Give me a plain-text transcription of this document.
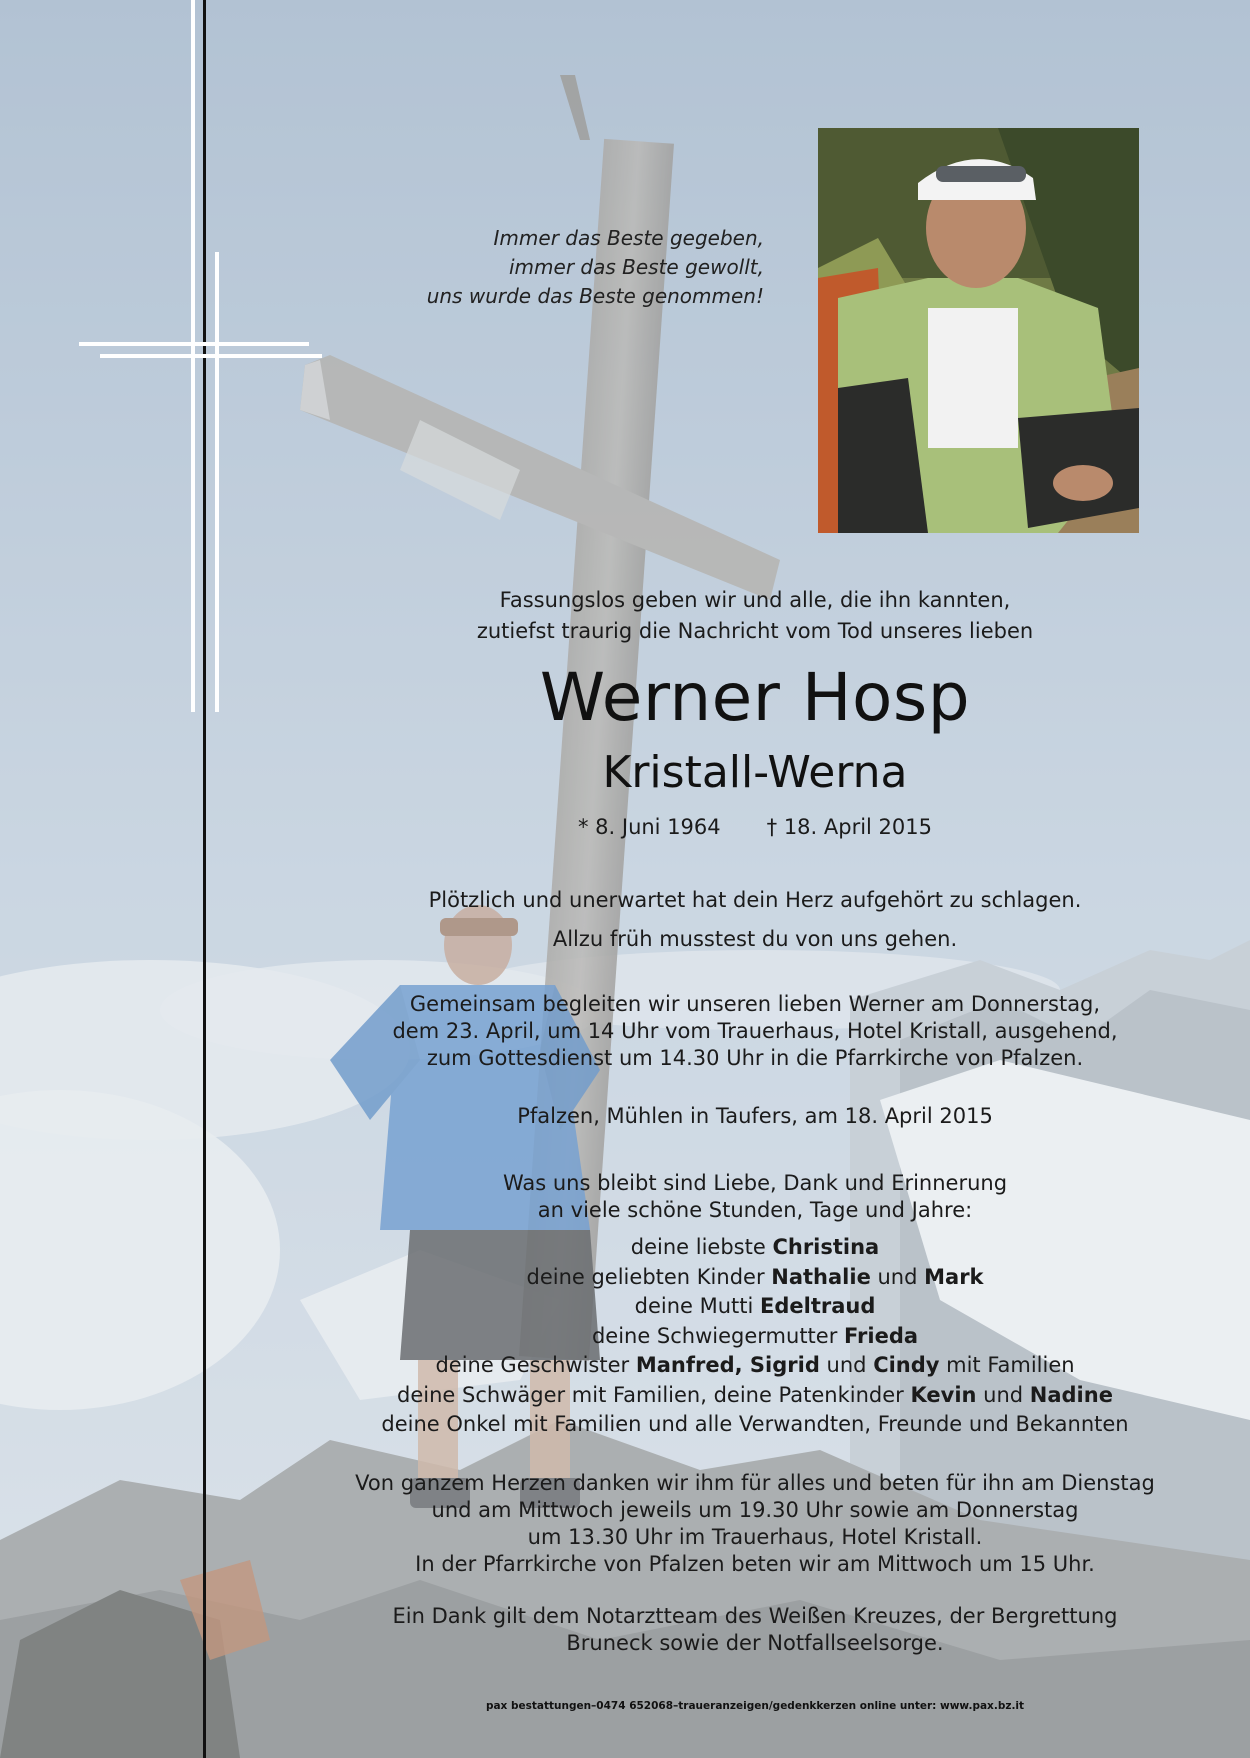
Immer das Beste gegeben,
immer das Beste gewollt,
uns wurde das Beste genommen!
Fassungslos geben wir und alle, die ihn kannten,
zutiefst traurig die Nachricht vom Tod unseres lieben
Werner Hosp
Kristall-Werna
* 8. Juni 1964 † 18. April 2015
Plötzlich und unerwartet hat dein Herz aufgehört zu schlagen.
Allzu früh musstest du von uns gehen.
Gemeinsam begleiten wir unseren lieben Werner am Donnerstag,
dem 23. April, um 14 Uhr vom Trauerhaus, Hotel Kristall, ausgehend,
zum Gottesdienst um 14.30 Uhr in die Pfarrkirche von Pfalzen.
Pfalzen, Mühlen in Taufers, am 18. April 2015
Was uns bleibt sind Liebe, Dank und Erinnerung
an viele schöne Stunden, Tage und Jahre:
deine liebste Christina
deine geliebten Kinder Nathalie und Mark
deine Mutti Edeltraud
deine Schwiegermutter Frieda
deine Geschwister Manfred, Sigrid und Cindy mit Familien
deine Schwäger mit Familien, deine Patenkinder Kevin und Nadine
deine Onkel mit Familien und alle Verwandten, Freunde und Bekannten
Von ganzem Herzen danken wir ihm für alles und beten für ihn am Dienstag
und am Mittwoch jeweils um 19.30 Uhr sowie am Donnerstag
um 13.30 Uhr im Trauerhaus, Hotel Kristall.
In der Pfarrkirche von Pfalzen beten wir am Mittwoch um 15 Uhr.
Ein Dank gilt dem Notarztteam des Weißen Kreuzes, der Bergrettung
Bruneck sowie der Notfallseelsorge.
pax bestattungen–0474 652068–traueranzeigen/gedenkkerzen online unter: www.pax.bz.it
